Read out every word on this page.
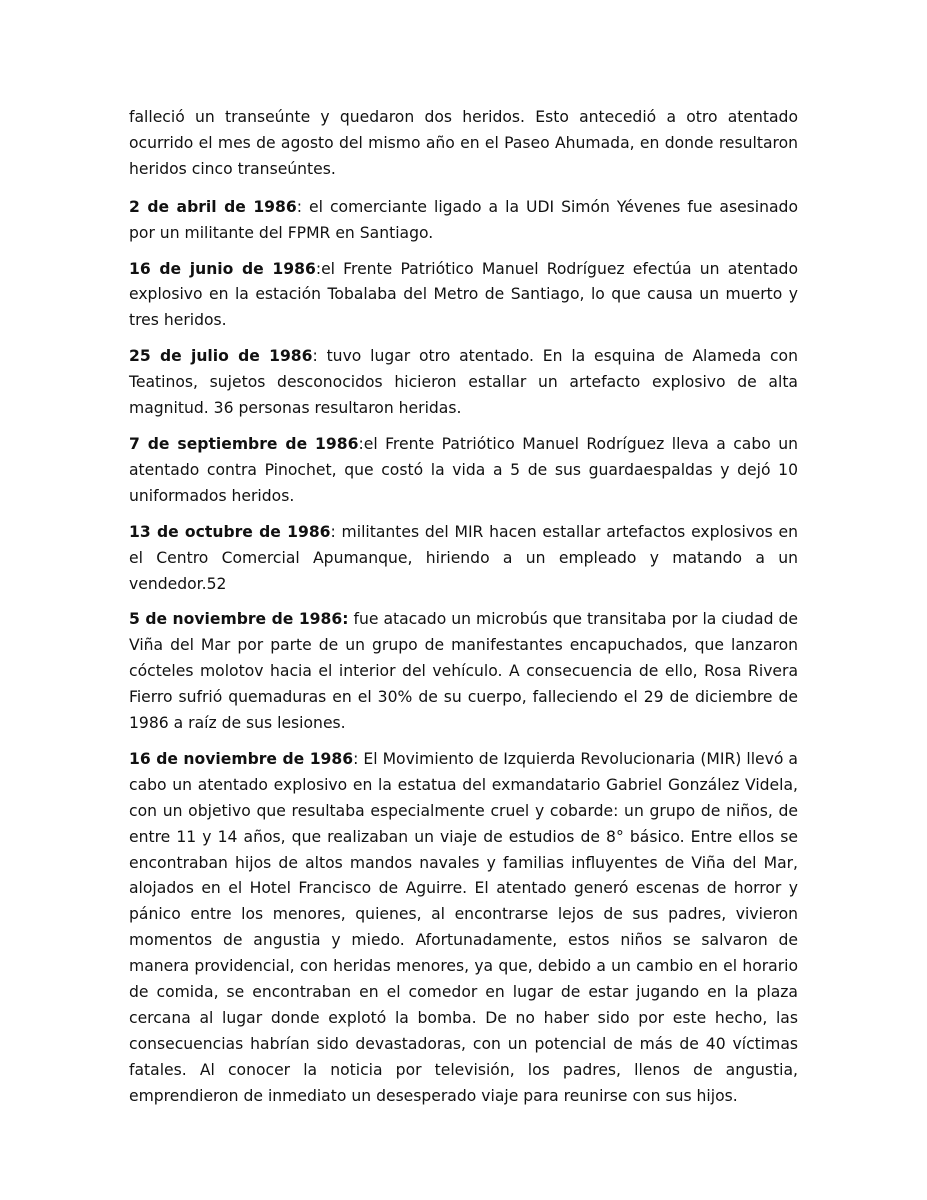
falleció un transeúnte y quedaron dos heridos. Esto antecedió a otro atentado ocurrido el mes de agosto del mismo año en el Paseo Ahumada, en donde resultaron heridos cinco transeúntes.

2 de abril de 1986: el comerciante ligado a la UDI Simón Yévenes fue asesinado por un militante del FPMR en Santiago.

16 de junio de 1986:el Frente Patriótico Manuel Rodríguez efectúa un atentado explosivo en la estación Tobalaba del Metro de Santiago, lo que causa un muerto y tres heridos.

25 de julio de 1986: tuvo lugar otro atentado. En la esquina de Alameda con Teatinos, sujetos desconocidos hicieron estallar un artefacto explosivo de alta magnitud. 36 personas resultaron heridas.

7 de septiembre de 1986:el Frente Patriótico Manuel Rodríguez lleva a cabo un atentado contra Pinochet, que costó la vida a 5 de sus guardaespaldas y dejó 10 uniformados heridos.

13 de octubre de 1986: militantes del MIR hacen estallar artefactos explosivos en el Centro Comercial Apumanque, hiriendo a un empleado y matando a un vendedor.52

5 de noviembre de 1986: fue atacado un microbús que transitaba por la ciudad de Viña del Mar por parte de un grupo de manifestantes encapuchados, que lanzaron cócteles molotov hacia el interior del vehículo. A consecuencia de ello, Rosa Rivera Fierro sufrió quemaduras en el 30% de su cuerpo, falleciendo el 29 de diciembre de 1986 a raíz de sus lesiones.

16 de noviembre de 1986: El Movimiento de Izquierda Revolucionaria (MIR) llevó a cabo un atentado explosivo en la estatua del exmandatario Gabriel González Videla, con un objetivo que resultaba especialmente cruel y cobarde: un grupo de niños, de entre 11 y 14 años, que realizaban un viaje de estudios de 8° básico. Entre ellos se encontraban hijos de altos mandos navales y familias influyentes de Viña del Mar, alojados en el Hotel Francisco de Aguirre. El atentado generó escenas de horror y pánico entre los menores, quienes, al encontrarse lejos de sus padres, vivieron momentos de angustia y miedo. Afortunadamente, estos niños se salvaron de manera providencial, con heridas menores, ya que, debido a un cambio en el horario de comida, se encontraban en el comedor en lugar de estar jugando en la plaza cercana al lugar donde explotó la bomba. De no haber sido por este hecho, las consecuencias habrían sido devastadoras, con un potencial de más de 40 víctimas fatales. Al conocer la noticia por televisión, los padres, llenos de angustia, emprendieron de inmediato un desesperado viaje para reunirse con sus hijos.
